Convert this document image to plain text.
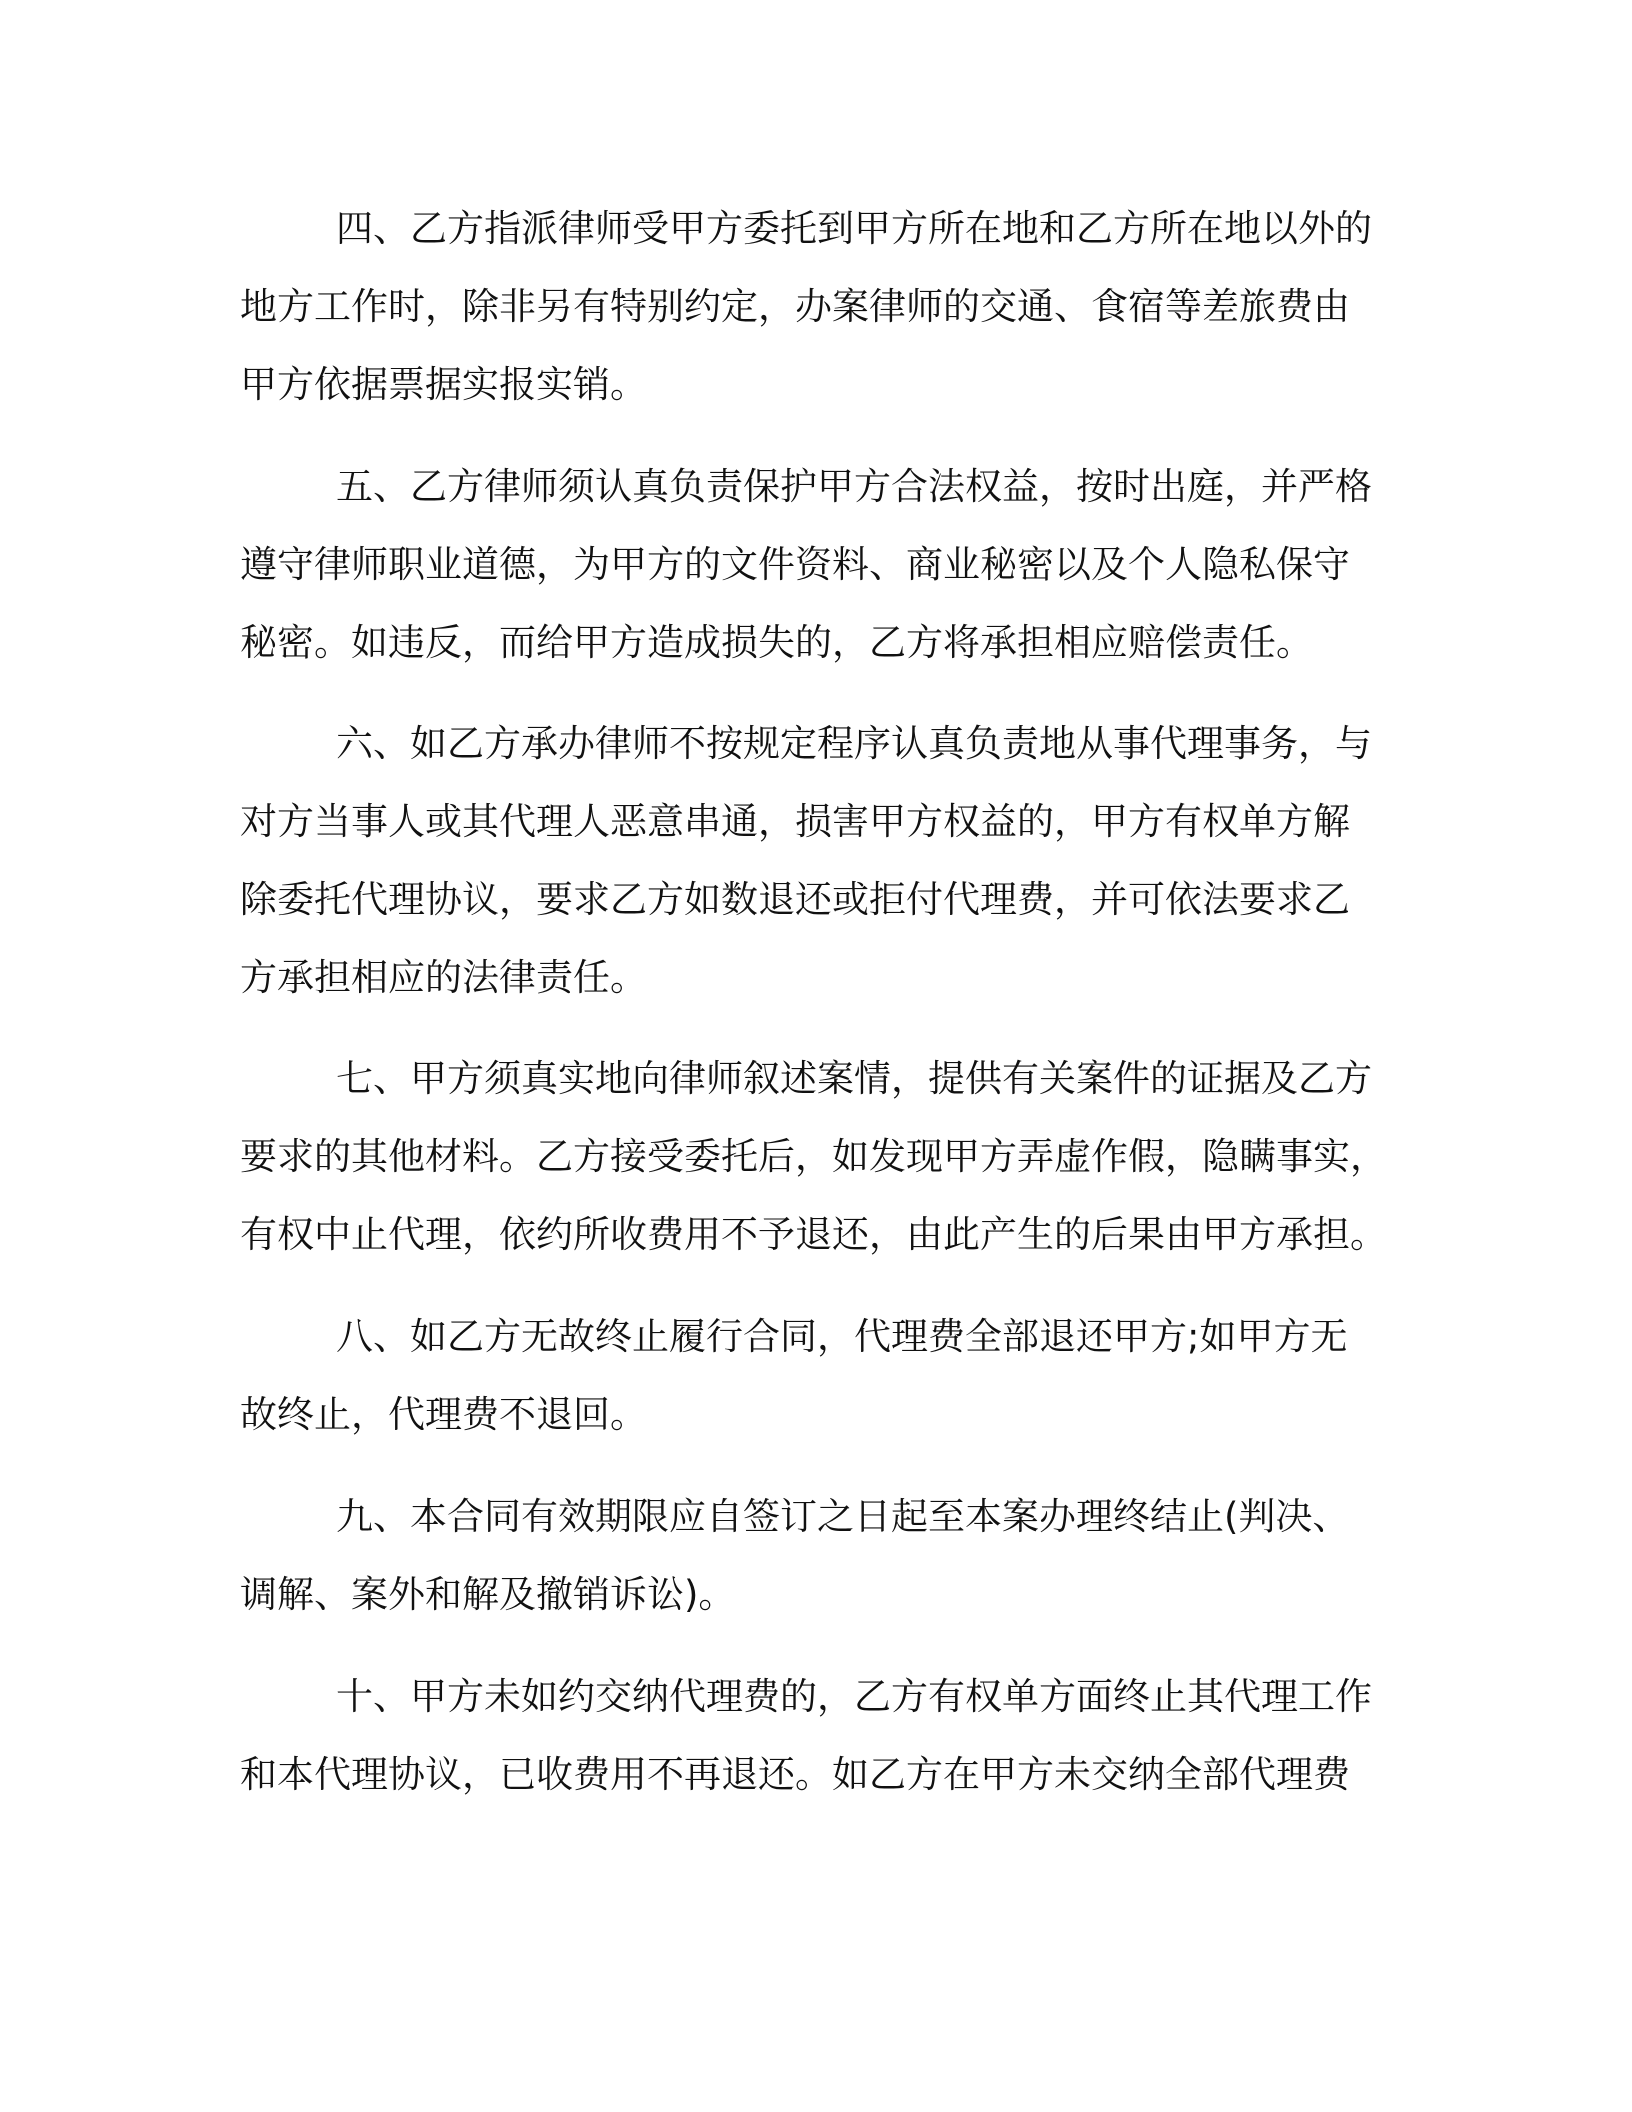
四、乙方指派律师受甲方委托到甲方所在地和乙方所在地以外的
地方工作时，除非另有特别约定，办案律师的交通、食宿等差旅费由
甲方依据票据实报实销。

五、乙方律师须认真负责保护甲方合法权益，按时出庭，并严格
遵守律师职业道德，为甲方的文件资料、商业秘密以及个人隐私保守
秘密。如违反，而给甲方造成损失的，乙方将承担相应赔偿责任。

六、如乙方承办律师不按规定程序认真负责地从事代理事务，与
对方当事人或其代理人恶意串通，损害甲方权益的，甲方有权单方解
除委托代理协议，要求乙方如数退还或拒付代理费，并可依法要求乙
方承担相应的法律责任。

七、甲方须真实地向律师叙述案情，提供有关案件的证据及乙方
要求的其他材料。乙方接受委托后，如发现甲方弄虚作假，隐瞒事实，
有权中止代理，依约所收费用不予退还，由此产生的后果由甲方承担。

八、如乙方无故终止履行合同，代理费全部退还甲方;如甲方无
故终止，代理费不退回。

九、本合同有效期限应自签订之日起至本案办理终结止(判决、
调解、案外和解及撤销诉讼)。

十、甲方未如约交纳代理费的，乙方有权单方面终止其代理工作
和本代理协议，已收费用不再退还。如乙方在甲方未交纳全部代理费
